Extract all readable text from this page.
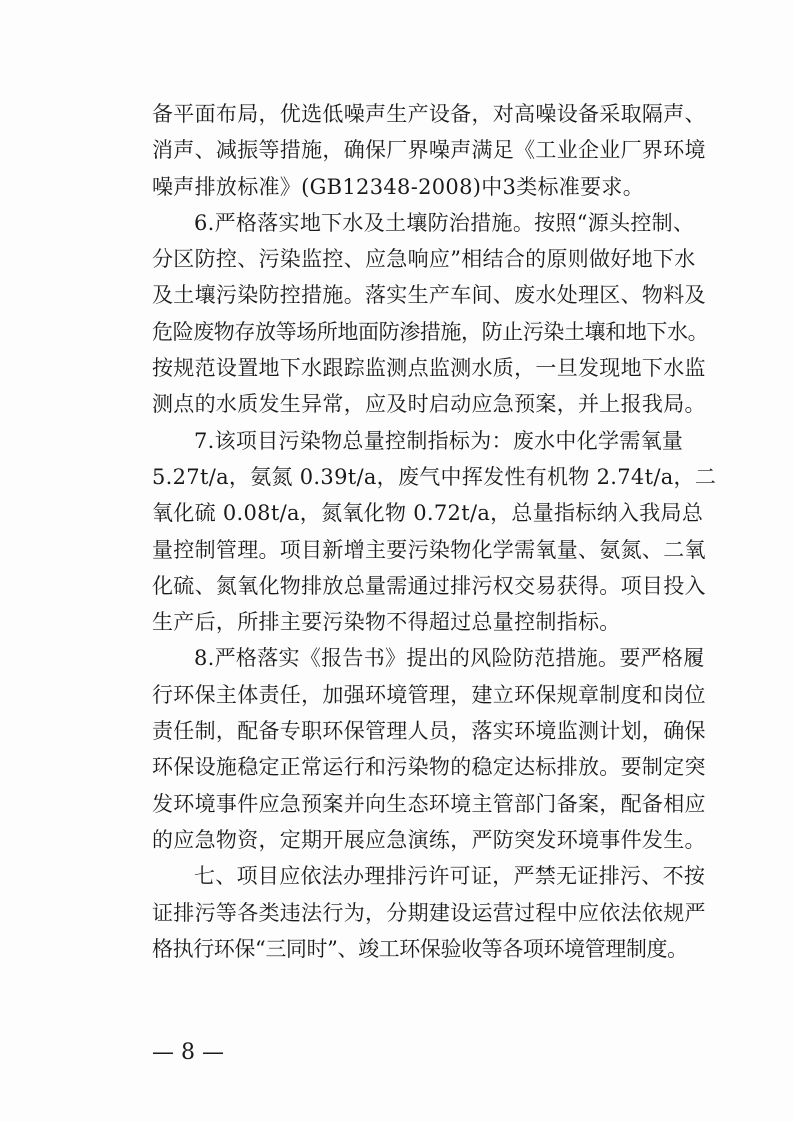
备平面布局，优选低噪声生产设备，对高噪设备采取隔声、
消声、减振等措施，确保厂界噪声满足《工业企业厂界环境
噪声排放标准》(GB12348-2008)中3类标准要求。
6.严格落实地下水及土壤防治措施。按照“源头控制、
分区防控、污染监控、应急响应”相结合的原则做好地下水
及土壤污染防控措施。落实生产车间、废水处理区、物料及
危险废物存放等场所地面防渗措施，防止污染土壤和地下水。
按规范设置地下水跟踪监测点监测水质，一旦发现地下水监
测点的水质发生异常，应及时启动应急预案，并上报我局。
7.该项目污染物总量控制指标为：废水中化学需氧量
5.27t/a，氨氮 0.39t/a，废气中挥发性有机物 2.74t/a，二
氧化硫 0.08t/a，氮氧化物 0.72t/a，总量指标纳入我局总
量控制管理。项目新增主要污染物化学需氧量、氨氮、二氧
化硫、氮氧化物排放总量需通过排污权交易获得。项目投入
生产后，所排主要污染物不得超过总量控制指标。
8.严格落实《报告书》提出的风险防范措施。要严格履
行环保主体责任，加强环境管理，建立环保规章制度和岗位
责任制，配备专职环保管理人员，落实环境监测计划，确保
环保设施稳定正常运行和污染物的稳定达标排放。要制定突
发环境事件应急预案并向生态环境主管部门备案，配备相应
的应急物资，定期开展应急演练，严防突发环境事件发生。
七、项目应依法办理排污许可证，严禁无证排污、不按
证排污等各类违法行为，分期建设运营过程中应依法依规严
格执行环保“三同时”、竣工环保验收等各项环境管理制度。
— 8 —
